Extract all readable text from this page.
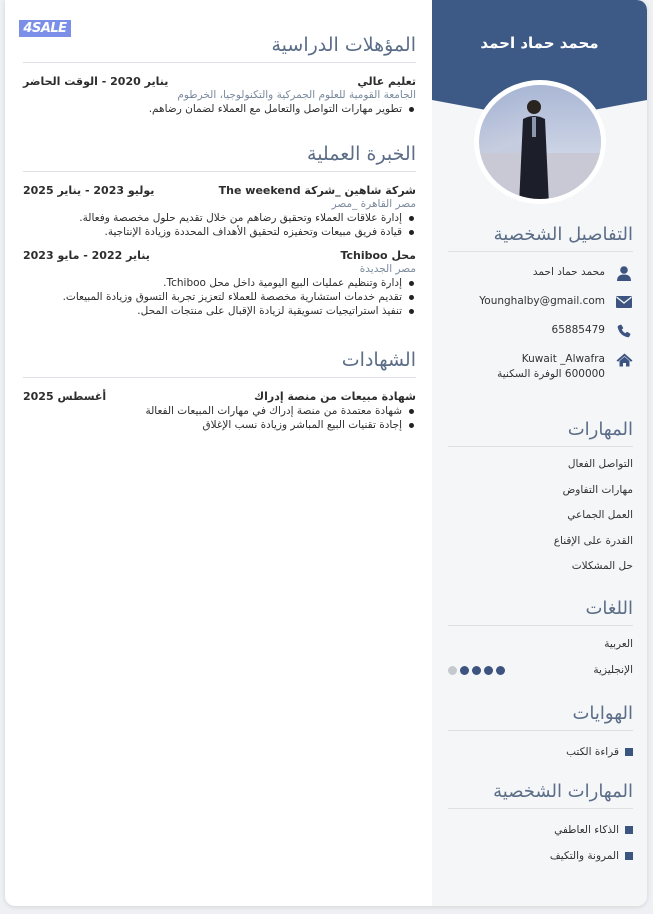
4SALE
المؤهلات الدراسية
تعليم عالي
يناير 2020 - الوقت الحاضر
الجامعة القومية للعلوم الجمركية والتكنولوجيا، الخرطوم
تطوير مهارات التواصل والتعامل مع العملاء لضمان رضاهم.
الخبرة العملية
شركة شاهين _شركة The weekend
يوليو 2023 - يناير 2025
مصر القاهرة _مصر
إدارة علاقات العملاء وتحقيق رضاهم من خلال تقديم حلول مخصصة وفعالة.
قيادة فريق مبيعات وتحفيزه لتحقيق الأهداف المحددة وزيادة الإنتاجية.
محل Tchiboo
يناير 2022 - مايو 2023
مصر الجديدة
إدارة وتنظيم عمليات البيع اليومية داخل محل Tchiboo.
تقديم خدمات استشارية مخصصة للعملاء لتعزيز تجربة التسوق وزيادة المبيعات.
تنفيذ استراتيجيات تسويقية لزيادة الإقبال على منتجات المحل.
الشهادات
شهادة مبيعات من منصة إدراك
أغسطس 2025
شهادة معتمدة من منصة إدراك في مهارات المبيعات الفعالة
إجادة تقنيات البيع المباشر وزيادة نسب الإغلاق
محمد حماد احمد
التفاصيل الشخصية
محمد حماد احمد
Younghalby@gmail.com
65885479
Kuwait _Alwafra
600000 الوفرة السكنية
المهارات
التواصل الفعال
مهارات التفاوض
العمل الجماعي
القدرة على الإقناع
حل المشكلات
اللغات
العربية
الإنجليزية
الهوايات
قراءة الكتب
المهارات الشخصية
الذكاء العاطفي
المرونة والتكيف
